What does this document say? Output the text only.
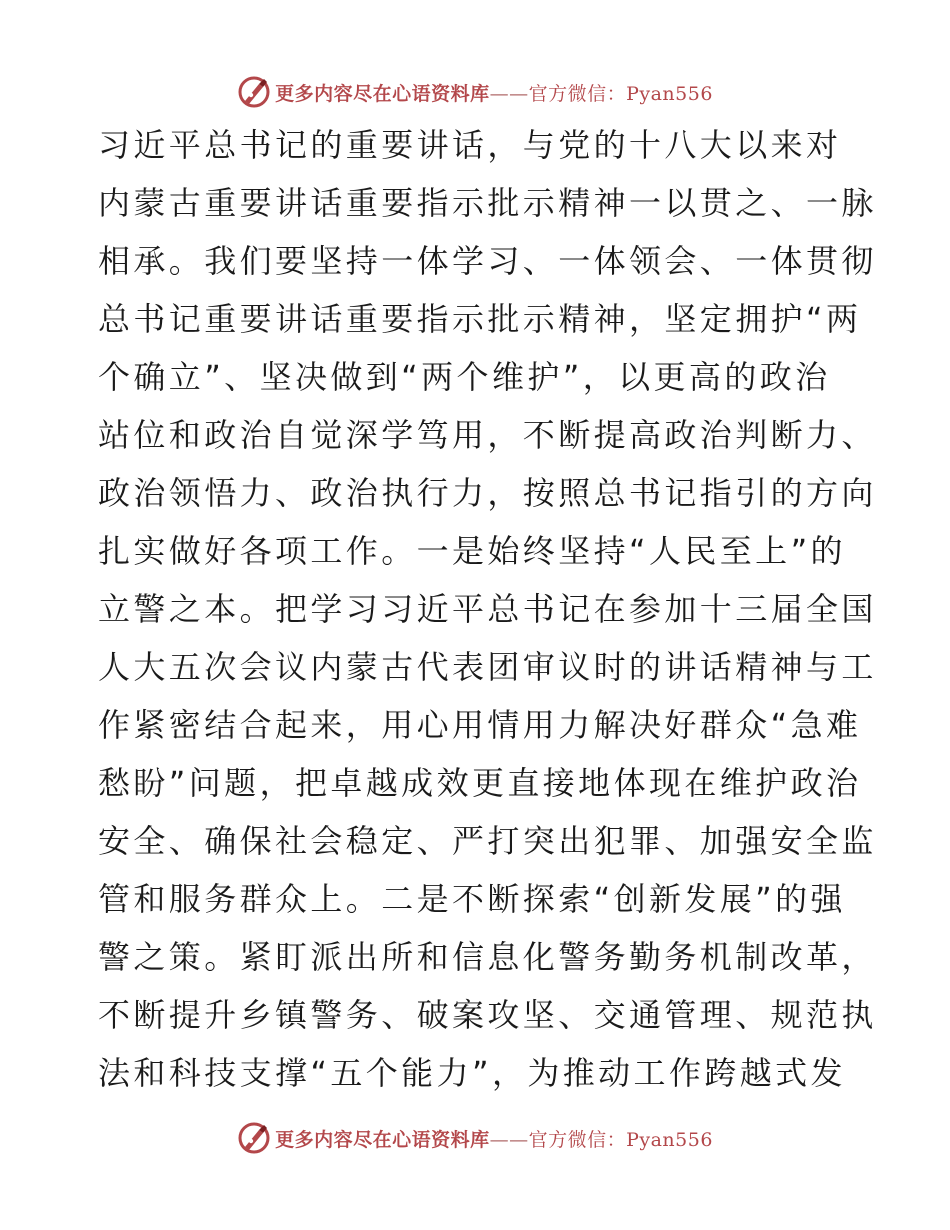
更多内容尽在心语资料库——官方微信：Pyan556
习近平总书记的重要讲话，与党的十八大以来对
内蒙古重要讲话重要指示批示精神一以贯之、一脉
相承。我们要坚持一体学习、一体领会、一体贯彻
总书记重要讲话重要指示批示精神，坚定拥护“两
个确立”、坚决做到“两个维护”，以更高的政治
站位和政治自觉深学笃用，不断提高政治判断力、
政治领悟力、政治执行力，按照总书记指引的方向
扎实做好各项工作。一是始终坚持“人民至上”的
立警之本。把学习习近平总书记在参加十三届全国
人大五次会议内蒙古代表团审议时的讲话精神与工
作紧密结合起来，用心用情用力解决好群众“急难
愁盼”问题，把卓越成效更直接地体现在维护政治
安全、确保社会稳定、严打突出犯罪、加强安全监
管和服务群众上。二是不断探索“创新发展”的强
警之策。紧盯派出所和信息化警务勤务机制改革，
不断提升乡镇警务、破案攻坚、交通管理、规范执
法和科技支撑“五个能力”，为推动工作跨越式发
更多内容尽在心语资料库——官方微信：Pyan556
